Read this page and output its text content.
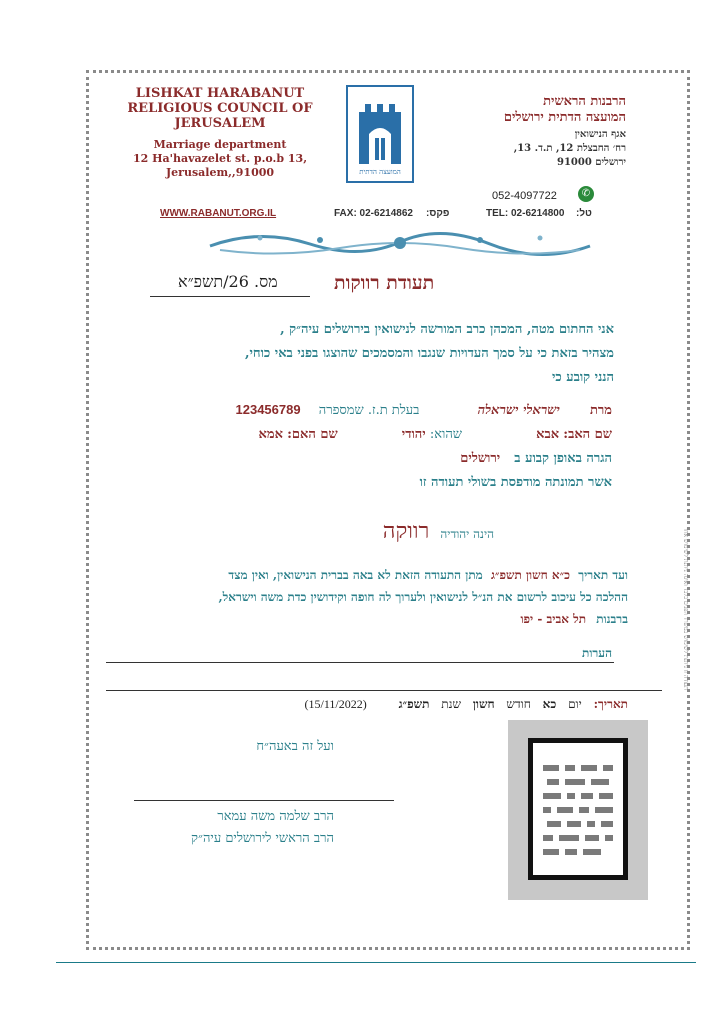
LISHKAT HARABANUT
RELIGIOUS COUNCIL OF
JERUSALEM
Marriage department
12 Ha'havazelet st. p.o.b 13,
Jerusalem,,91000	המועצה הדתית
הרבנות הראשית
המועצה הדתית ירושלים
אגף הנישואין
רח׳ החבצלת 12, ת.ד. 13,
ירושלים 91000
052-4097722	✆
WWW.RABANUT.ORG.IL	FAX: 02-6214862 פקס:	TEL: 02-6214800 טל:
תעודת רווקות
מס. 26/תשפ״א
אני החתום מטה, המכהן כרב המורשה לנישואין בירושלים עיה״ק ,
מצהיר בזאת כי על סמך העדויות שנגבו והמסמכים שהוצגו בפני באי כוחי,
הנני קובע כי
מרת ישראלי ישראלה בעלת ת.ז. שמספרה 123456789
שם האב: אבא שהוא: יהודי שם האם: אמא
הגרה באופן קבוע ב ירושלים
אשר תמונתה מודפסת בשולי תעודה זו
הינה יהודיה רווקה
ועד תאריך כ״א חשון תשפ״ג מתן התעודה הזאת לא באה בברית הנישואין, ואין מצד
ההלכה כל עיכוב לרשום את הנ״ל לנישואין ולערוך לה חופה וקידושין כדת משה וישראל,
ברבנות תל אביב - יפו
הערות
תאריך: יום כא חודש חשון שנת תשפ״ג (15/11/2022)
ועל זה באעה״ח
הרב שלמה משה עמאר
הרב הראשי לירושלים עיה״ק
תעודה זו ניתנת לשימוש במשרד הפנים בלבד ואינה ניתנת לשימוש אחר
